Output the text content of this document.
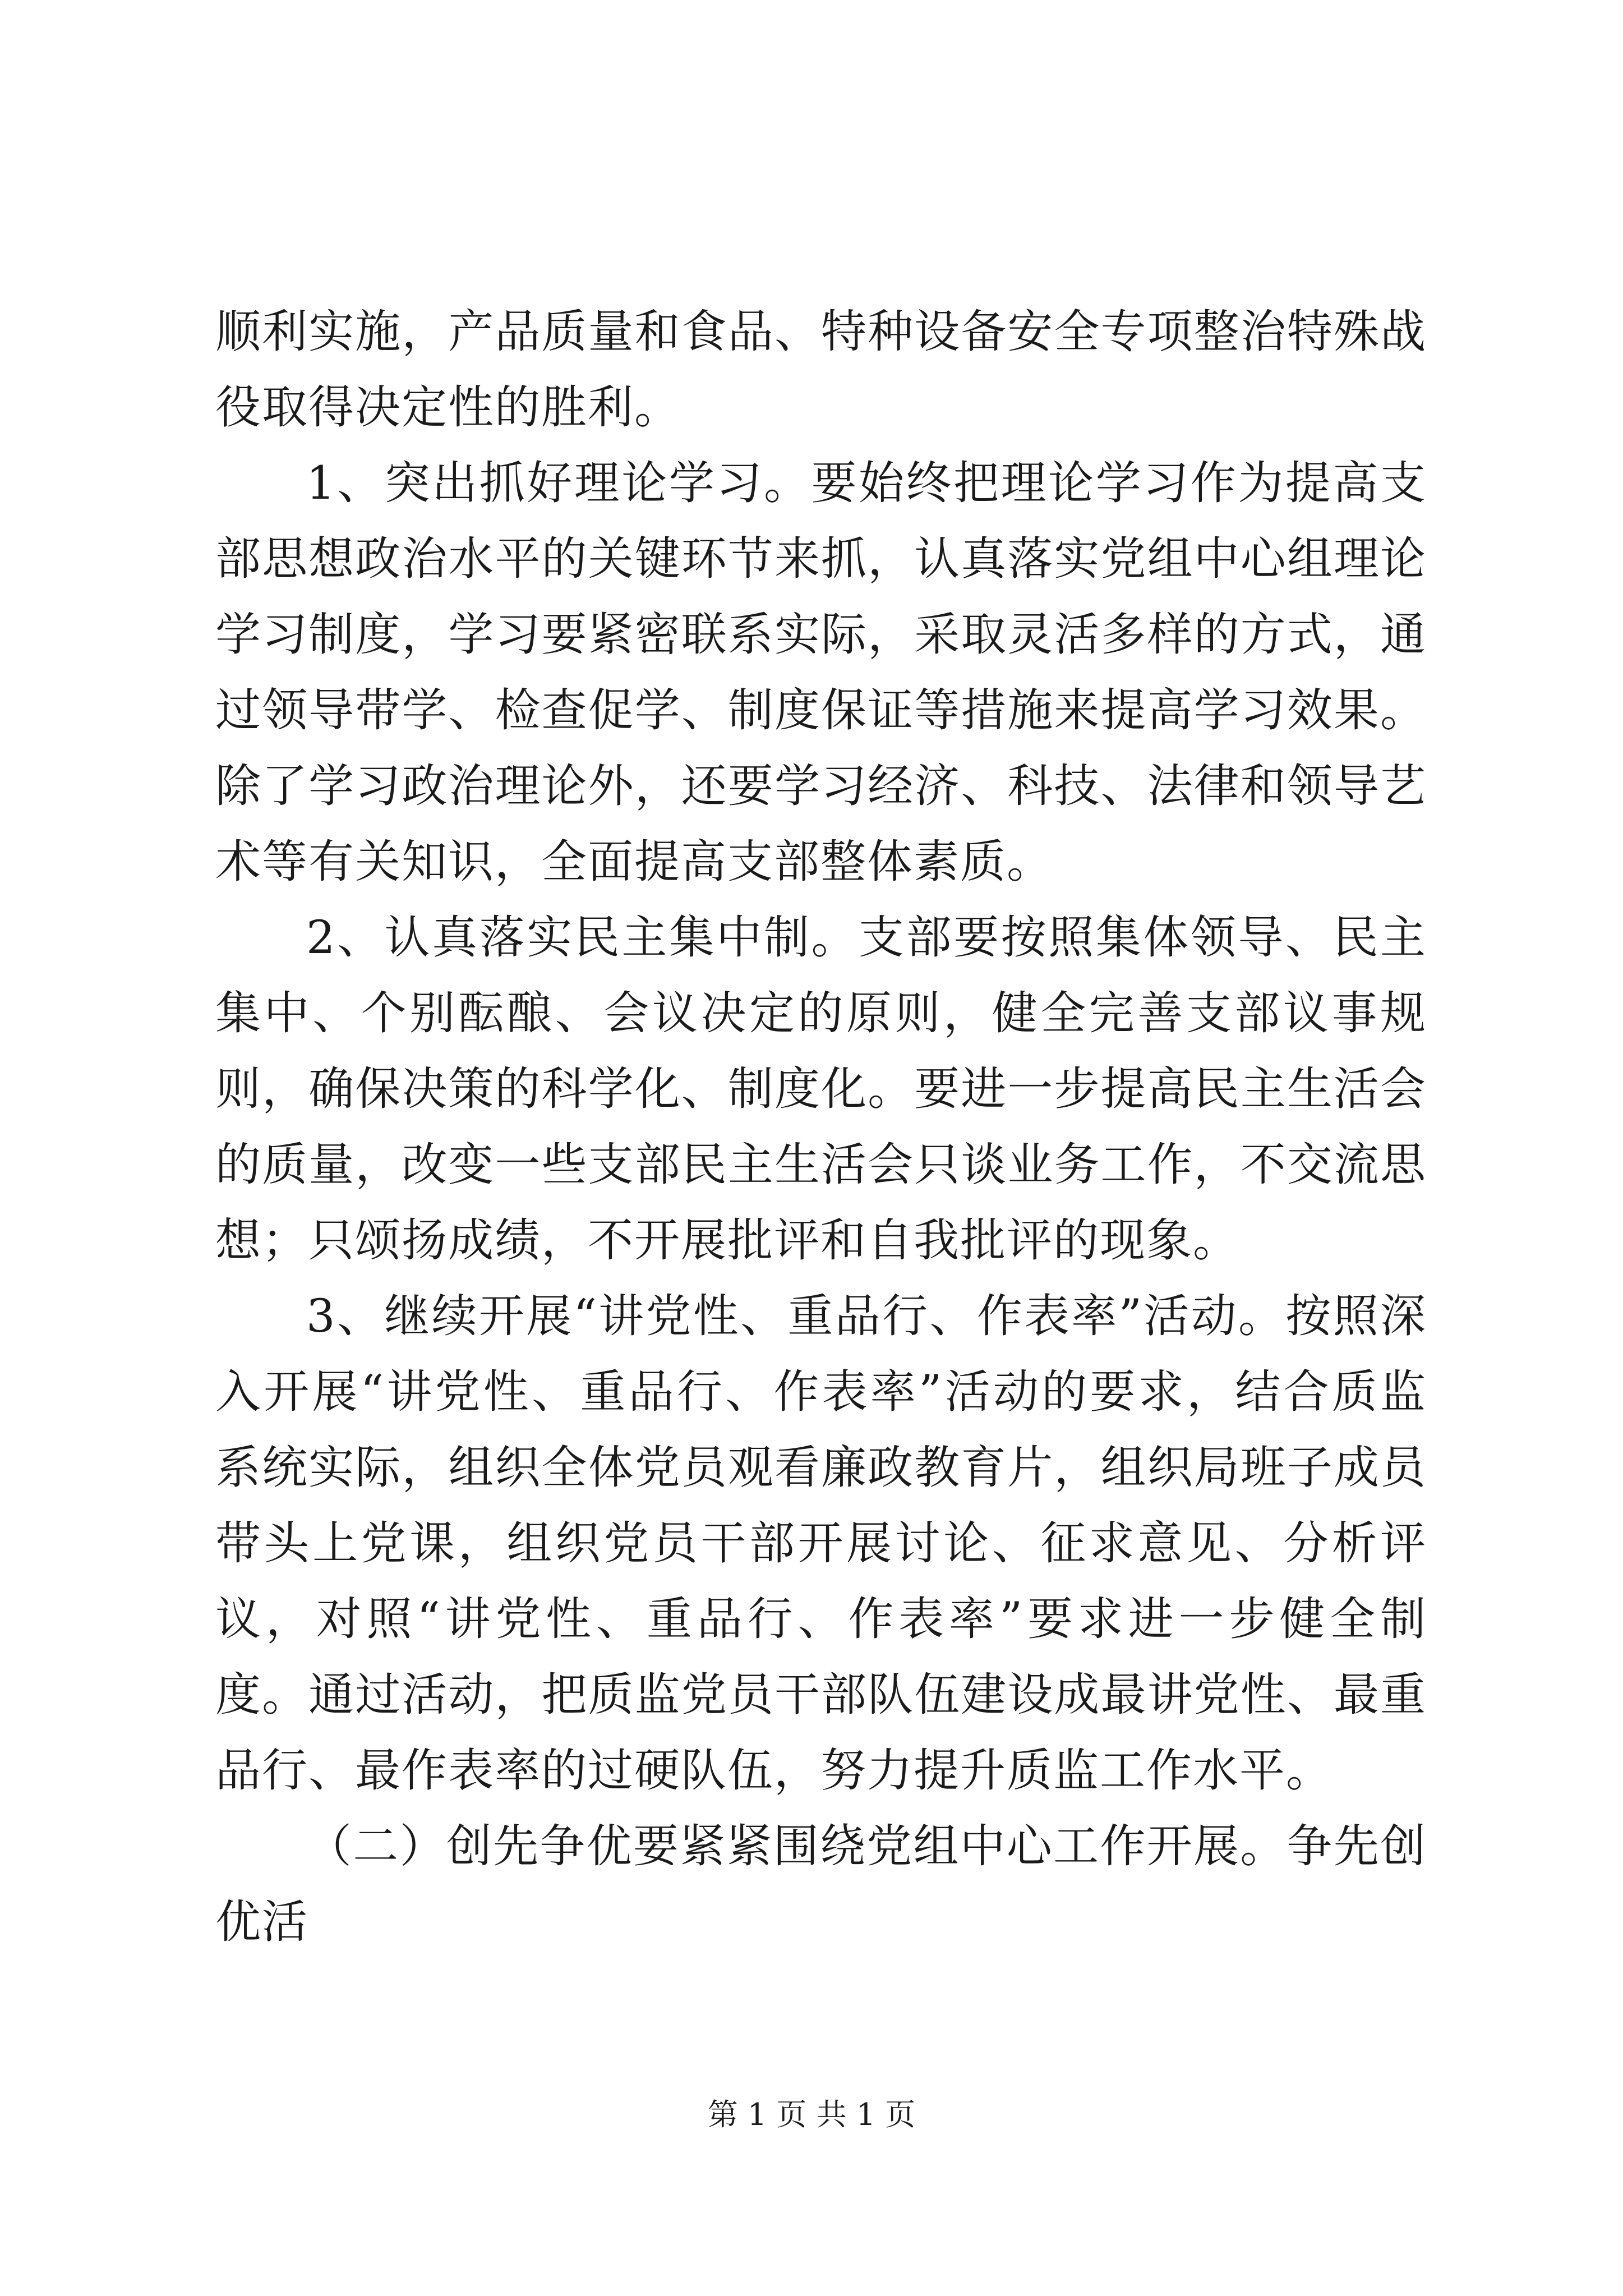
顺利实施，产品质量和食品、特种设备安全专项整治特殊战役取得决定性的胜利。

1、突出抓好理论学习。要始终把理论学习作为提高支部思想政治水平的关键环节来抓，认真落实党组中心组理论学习制度，学习要紧密联系实际，采取灵活多样的方式，通过领导带学、检查促学、制度保证等措施来提高学习效果。除了学习政治理论外，还要学习经济、科技、法律和领导艺术等有关知识，全面提高支部整体素质。

2、认真落实民主集中制。支部要按照集体领导、民主集中、个别酝酿、会议决定的原则，健全完善支部议事规则，确保决策的科学化、制度化。要进一步提高民主生活会的质量，改变一些支部民主生活会只谈业务工作，不交流思想；只颂扬成绩，不开展批评和自我批评的现象。

3、继续开展“讲党性、重品行、作表率”活动。按照深入开展“讲党性、重品行、作表率”活动的要求，结合质监系统实际，组织全体党员观看廉政教育片，组织局班子成员带头上党课，组织党员干部开展讨论、征求意见、分析评议，对照“讲党性、重品行、作表率”要求进一步健全制度。通过活动，把质监党员干部队伍建设成最讲党性、最重品行、最作表率的过硬队伍，努力提升质监工作水平。

（二）创先争优要紧紧围绕党组中心工作开展。争先创优活

第 1 页 共 1 页
